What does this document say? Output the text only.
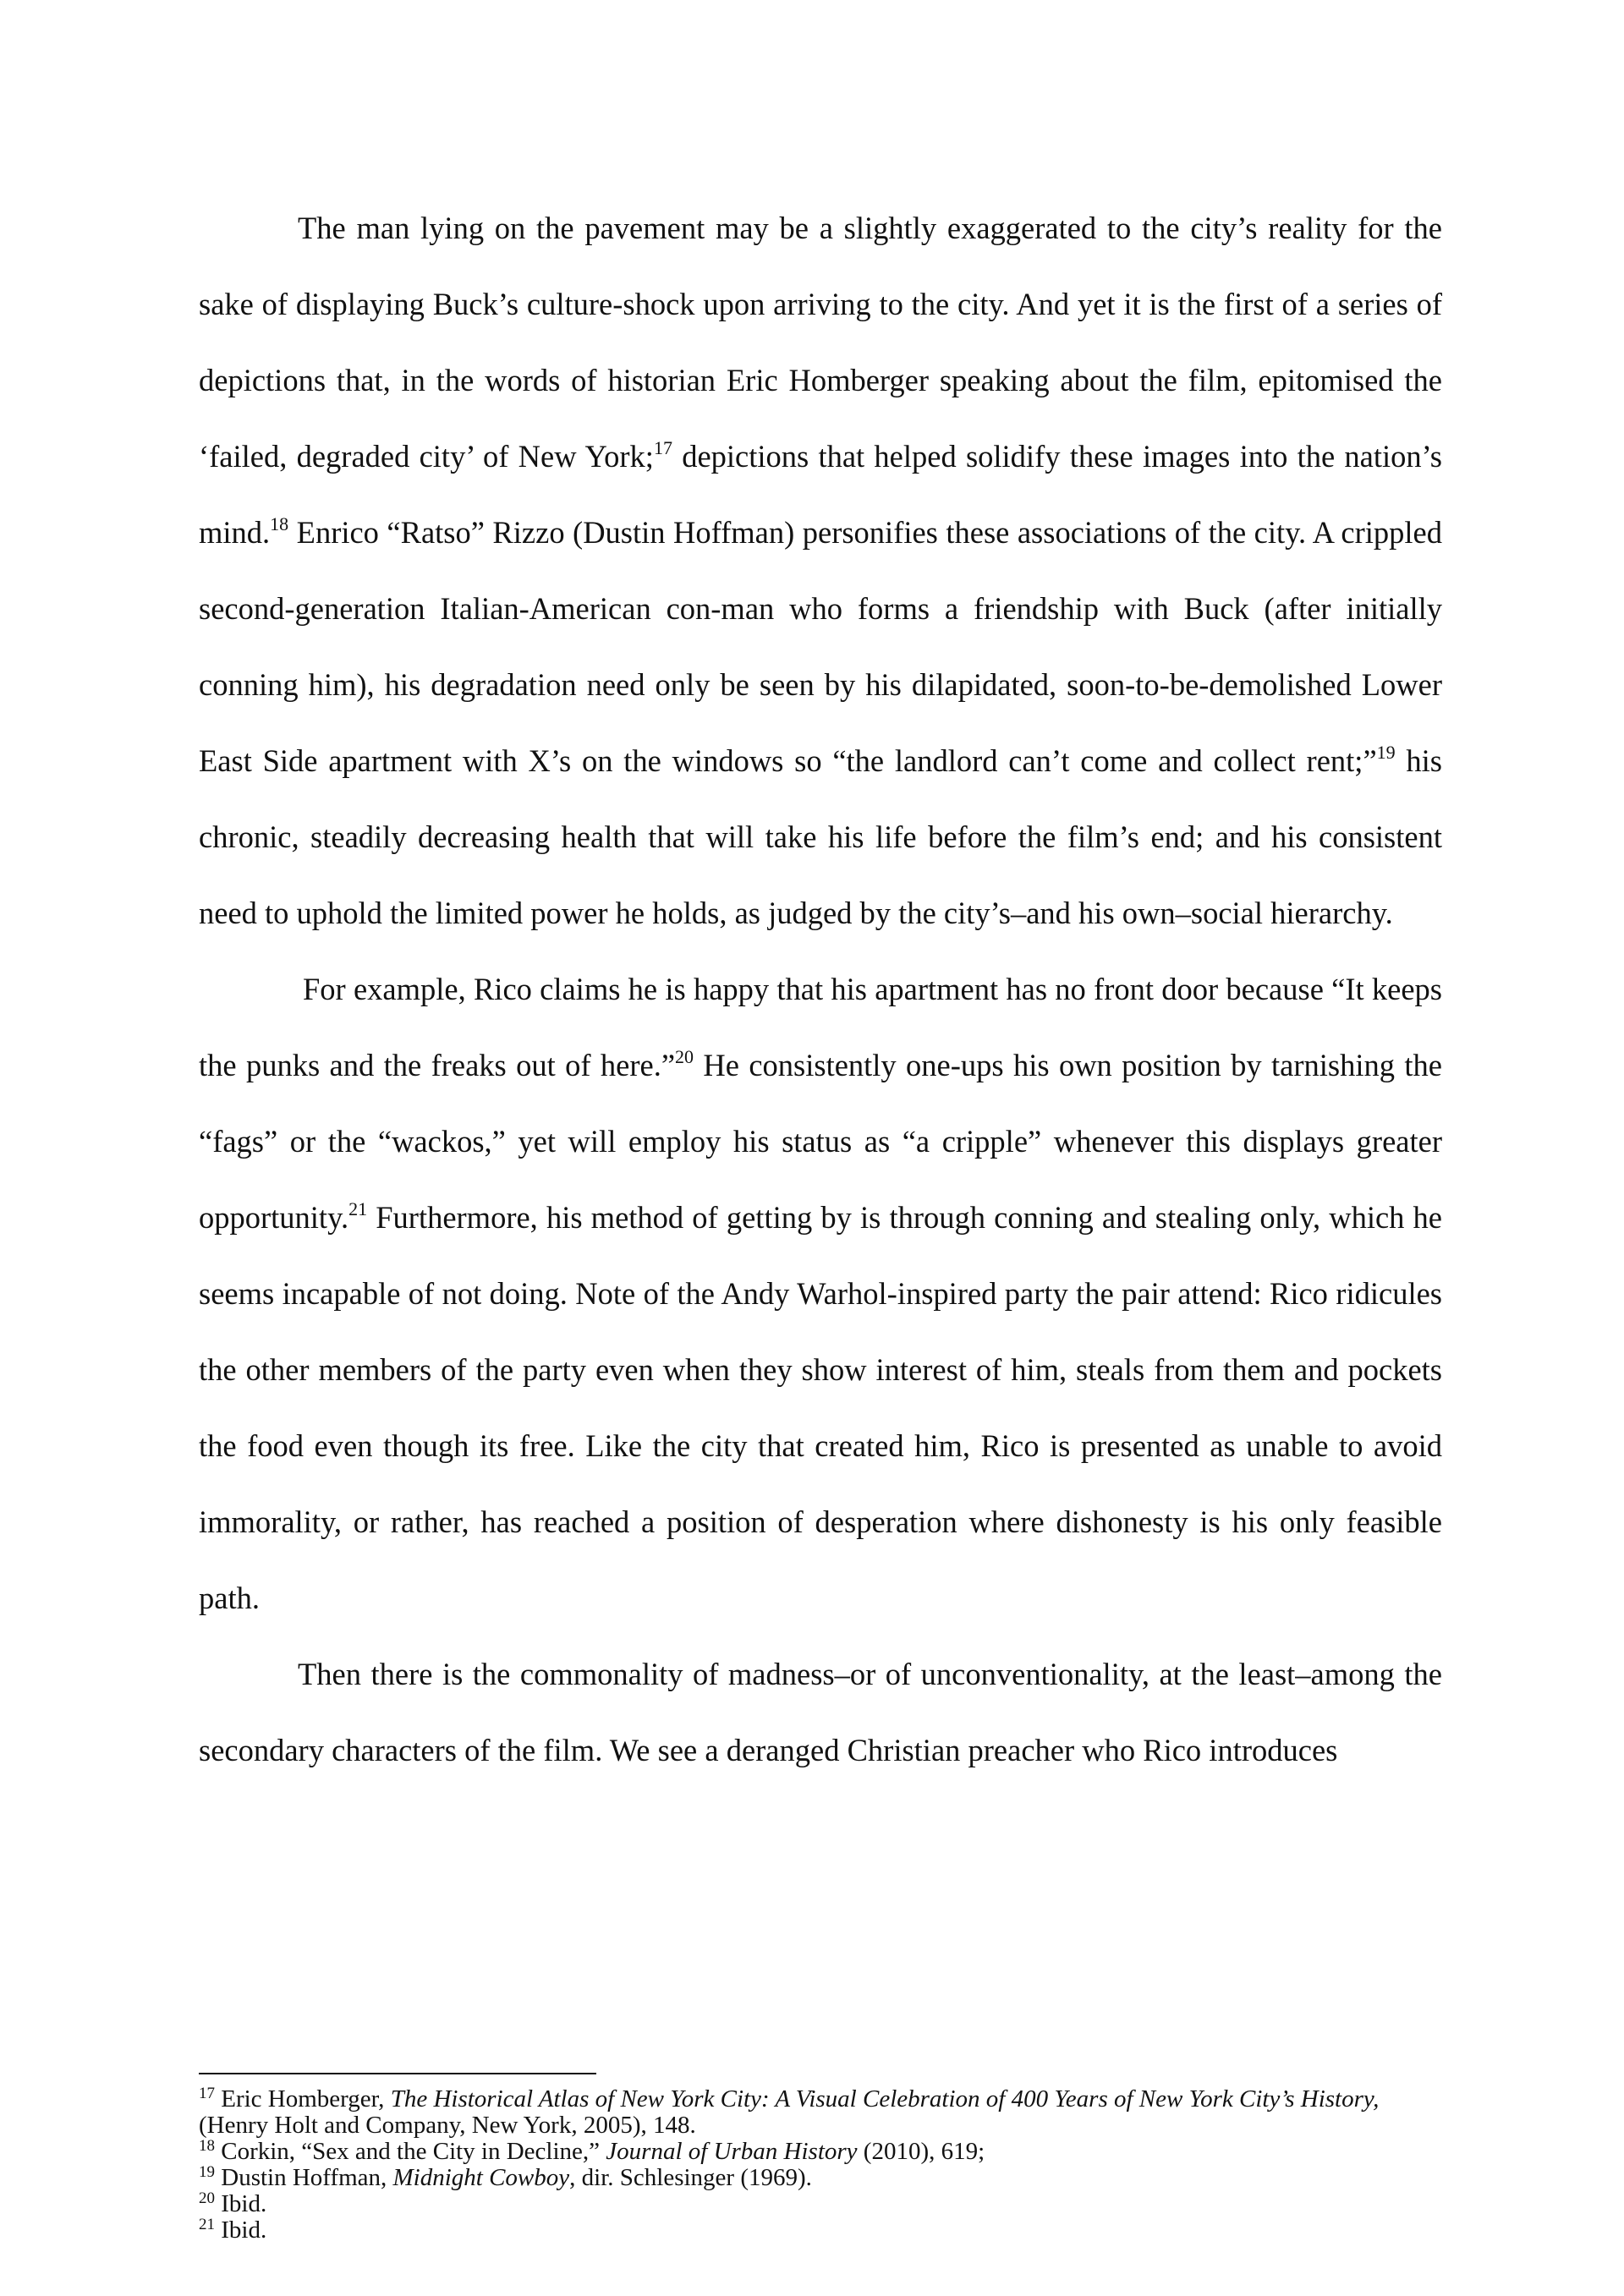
The man lying on the pavement may be a slightly exaggerated to the city’s reality for the sake of displaying Buck’s culture-shock upon arriving to the city. And yet it is the first of a series of depictions that, in the words of historian Eric Homberger speaking about the film, epitomised the ‘failed, degraded city’ of New York;$^{17}$ depictions that helped solidify these images into the nation’s mind.$^{18}$ Enrico “Ratso” Rizzo (Dustin Hoffman) personifies these associations of the city. A crippled second-generation Italian-American con-man who forms a friendship with Buck (after initially conning him), his degradation need only be seen by his dilapidated, soon-to-be-demolished Lower East Side apartment with X’s on the windows so “the landlord can’t come and collect rent;”$^{19}$ his chronic, steadily decreasing health that will take his life before the film’s end; and his consistent need to uphold the limited power he holds, as judged by the city’s–and his own–social hierarchy.

For example, Rico claims he is happy that his apartment has no front door because “It keeps the punks and the freaks out of here.”$^{20}$ He consistently one-ups his own position by tarnishing the “fags” or the “wackos,” yet will employ his status as “a cripple” whenever this displays greater opportunity.$^{21}$ Furthermore, his method of getting by is through conning and stealing only, which he seems incapable of not doing. Note of the Andy Warhol-inspired party the pair attend: Rico ridicules the other members of the party even when they show interest of him, steals from them and pockets the food even though its free. Like the city that created him, Rico is presented as unable to avoid immorality, or rather, has reached a position of desperation where dishonesty is his only feasible path.

Then there is the commonality of madness–or of unconventionality, at the least–among the secondary characters of the film. We see a deranged Christian preacher who Rico introduces

$^{17}$ Eric Homberger, The Historical Atlas of New York City: A Visual Celebration of 400 Years of New York City’s History, (Henry Holt and Company, New York, 2005), 148.

$^{18}$ Corkin, “Sex and the City in Decline,” Journal of Urban History (2010), 619;

$^{19}$ Dustin Hoffman, Midnight Cowboy, dir. Schlesinger (1969).

$^{20}$ Ibid.

$^{21}$ Ibid.
